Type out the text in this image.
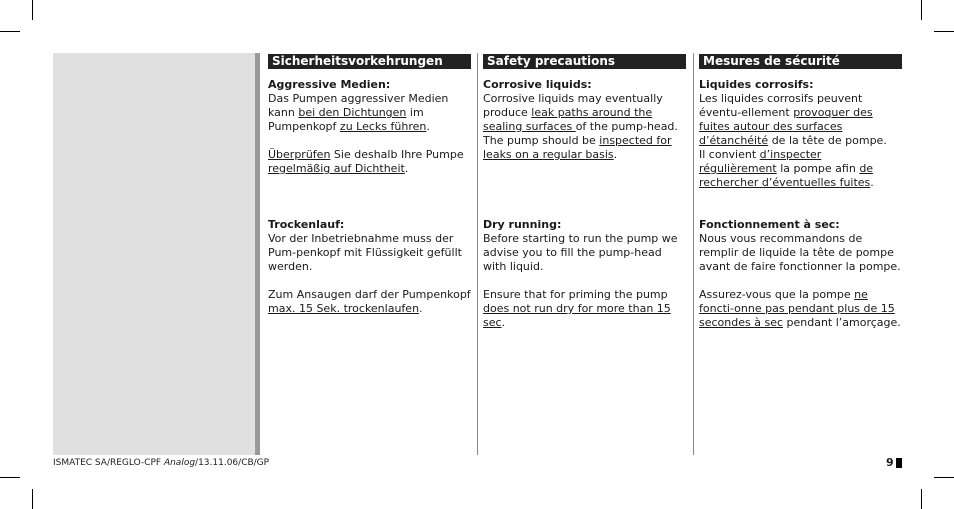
Sicherheitsvorkehrungen

Aggressive Medien:

Das Pumpen aggressiver Medien kann bei den Dichtungen im Pumpenkopf zu Lecks führen.

Überprüfen Sie deshalb Ihre Pumpe regelmäßig auf Dichtheit.

Trockenlauf:

Vor der Inbetriebnahme muss der Pum-penkopf mit Flüssigkeit gefüllt werden.

Zum Ansaugen darf der Pumpenkopf max. 15 Sek. trockenlaufen.

Safety precautions

Corrosive liquids:

Corrosive liquids may eventually produce leak paths around the sealing surfaces of the pump-head.

The pump should be inspected for leaks on a regular basis.

Dry running:

Before starting to run the pump we advise you to fill the pump-head with liquid.

Ensure that for priming the pump does not run dry for more than 15 sec.

Mesures de sécurité

Liquides corrosifs:

Les liquides corrosifs peuvent éventu-ellement provoquer des fuites autour des surfaces d’étanchéité de la tête de pompe.

Il convient d’inspecter régulièrement la pompe afin de rechercher d’éventuelles fuites.

Fonctionnement à sec:

Nous vous recommandons de remplir de liquide la tête de pompe avant de faire fonctionner la pompe.

Assurez-vous que la pompe ne foncti-onne pas pendant plus de 15 secondes à sec pendant l’amorçage.

ISMATEC SA/REGLO-CPF Analog/13.11.06/CB/GP	9
